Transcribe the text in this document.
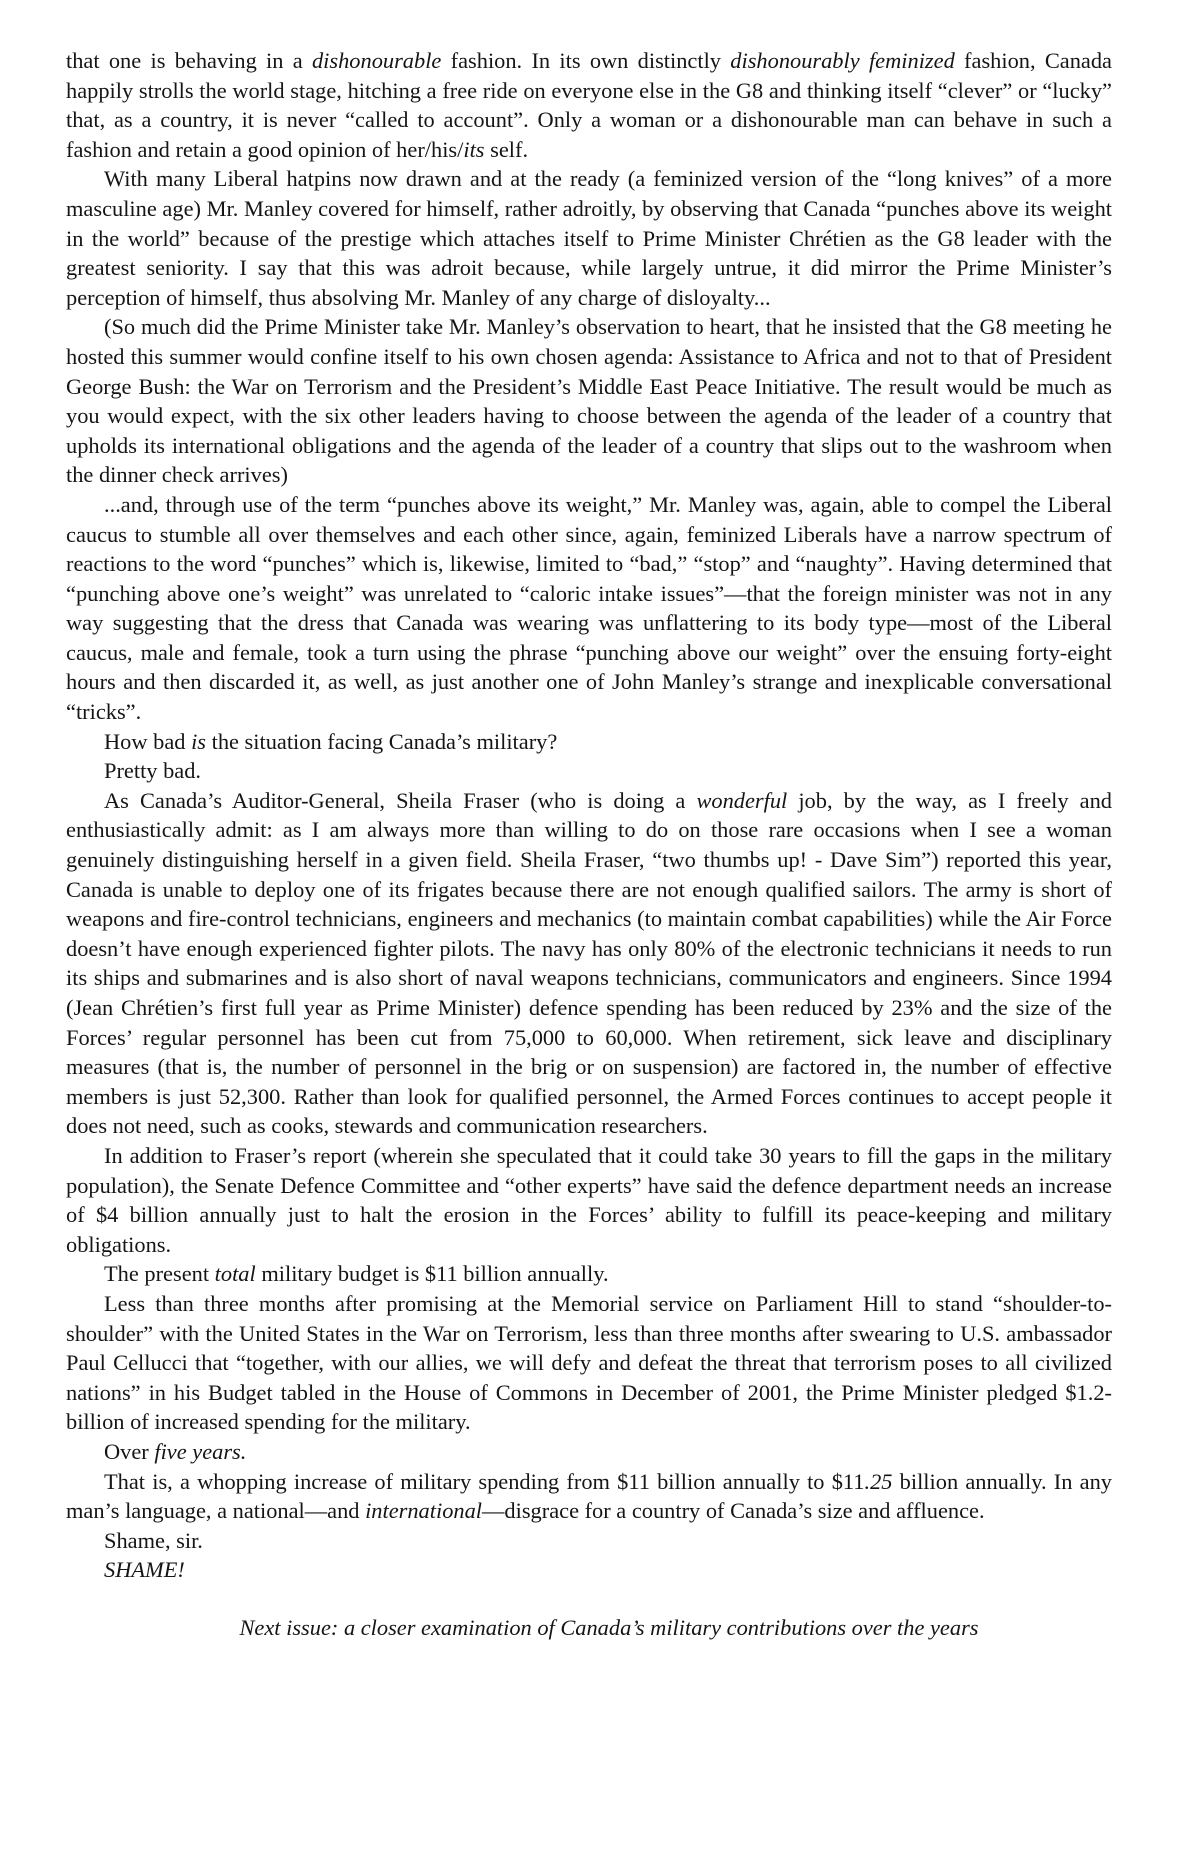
that one is behaving in a dishonourable fashion. In its own distinctly dishonourably feminized fashion, Canada happily strolls the world stage, hitching a free ride on everyone else in the G8 and thinking itself “clever” or “lucky” that, as a country, it is never “called to account”. Only a woman or a dishonourable man can behave in such a fashion and retain a good opinion of her/his/its self.

With many Liberal hatpins now drawn and at the ready (a feminized version of the “long knives” of a more masculine age) Mr. Manley covered for himself, rather adroitly, by observing that Canada “punches above its weight in the world” because of the prestige which attaches itself to Prime Minister Chrétien as the G8 leader with the greatest seniority. I say that this was adroit because, while largely untrue, it did mirror the Prime Minister’s perception of himself, thus absolving Mr. Manley of any charge of disloyalty...

(So much did the Prime Minister take Mr. Manley’s observation to heart, that he insisted that the G8 meeting he hosted this summer would confine itself to his own chosen agenda: Assistance to Africa and not to that of President George Bush: the War on Terrorism and the President’s Middle East Peace Initiative. The result would be much as you would expect, with the six other leaders having to choose between the agenda of the leader of a country that upholds its international obligations and the agenda of the leader of a country that slips out to the washroom when the dinner check arrives)

...and, through use of the term “punches above its weight,” Mr. Manley was, again, able to compel the Liberal caucus to stumble all over themselves and each other since, again, feminized Liberals have a narrow spectrum of reactions to the word “punches” which is, likewise, limited to “bad,” “stop” and “naughty”. Having determined that “punching above one’s weight” was unrelated to “caloric intake issues”—that the foreign minister was not in any way suggesting that the dress that Canada was wearing was unflattering to its body type—most of the Liberal caucus, male and female, took a turn using the phrase “punching above our weight” over the ensuing forty-eight hours and then discarded it, as well, as just another one of John Manley’s strange and inexplicable conversational “tricks”.

How bad is the situation facing Canada’s military?

Pretty bad.

As Canada’s Auditor-General, Sheila Fraser (who is doing a wonderful job, by the way, as I freely and enthusiastically admit: as I am always more than willing to do on those rare occasions when I see a woman genuinely distinguishing herself in a given field. Sheila Fraser, “two thumbs up! - Dave Sim”) reported this year, Canada is unable to deploy one of its frigates because there are not enough qualified sailors. The army is short of weapons and fire-control technicians, engineers and mechanics (to maintain combat capabilities) while the Air Force doesn’t have enough experienced fighter pilots. The navy has only 80% of the electronic technicians it needs to run its ships and submarines and is also short of naval weapons technicians, communicators and engineers. Since 1994 (Jean Chrétien’s first full year as Prime Minister) defence spending has been reduced by 23% and the size of the Forces’ regular personnel has been cut from 75,000 to 60,000. When retirement, sick leave and disciplinary measures (that is, the number of personnel in the brig or on suspension) are factored in, the number of effective members is just 52,300. Rather than look for qualified personnel, the Armed Forces continues to accept people it does not need, such as cooks, stewards and communication researchers.

In addition to Fraser’s report (wherein she speculated that it could take 30 years to fill the gaps in the military population), the Senate Defence Committee and “other experts” have said the defence department needs an increase of $4 billion annually just to halt the erosion in the Forces’ ability to fulfill its peace-keeping and military obligations.

The present total military budget is $11 billion annually.

Less than three months after promising at the Memorial service on Parliament Hill to stand “shoulder-to-shoulder” with the United States in the War on Terrorism, less than three months after swearing to U.S. ambassador Paul Cellucci that “together, with our allies, we will defy and defeat the threat that terrorism poses to all civilized nations” in his Budget tabled in the House of Commons in December of 2001, the Prime Minister pledged $1.2-billion of increased spending for the military.

Over five years.

That is, a whopping increase of military spending from $11 billion annually to $11.25 billion annually. In any man’s language, a national—and international—disgrace for a country of Canada’s size and affluence.

Shame, sir.

SHAME!

Next issue: a closer examination of Canada’s military contributions over the years
